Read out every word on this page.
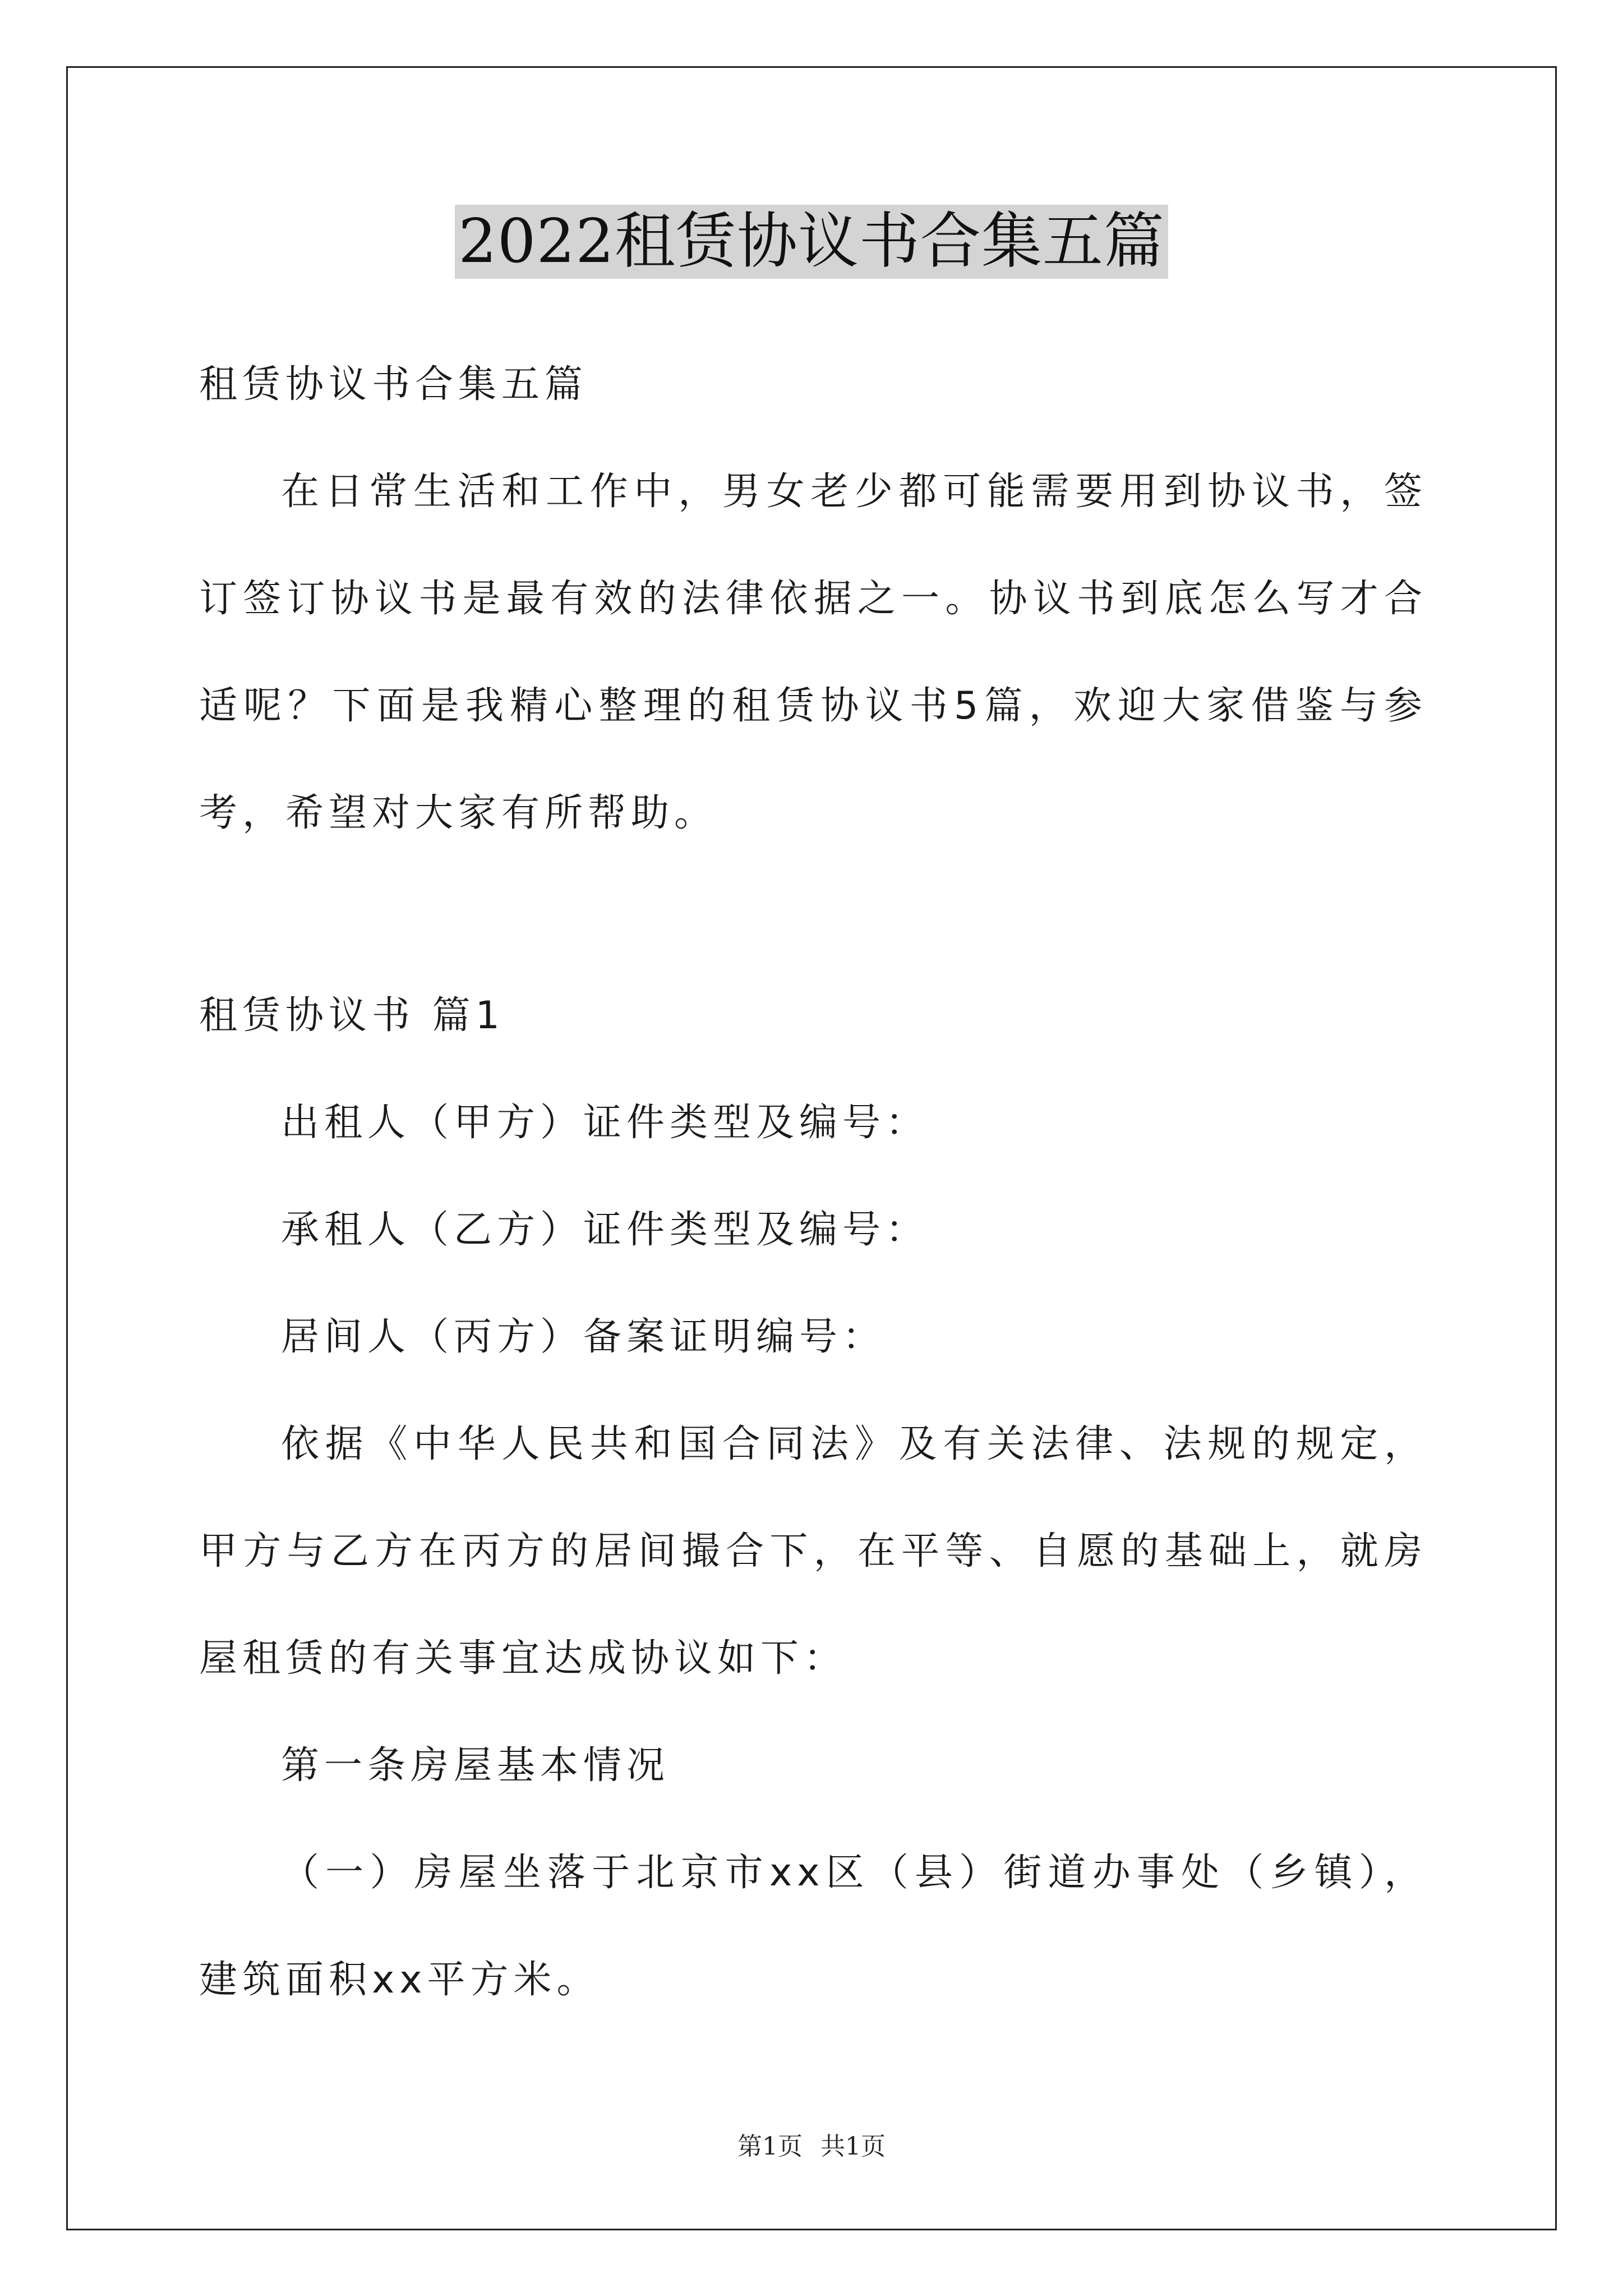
2022租赁协议书合集五篇

租赁协议书合集五篇

在日常生活和工作中，男女老少都可能需要用到协议书，签订签订协议书是最有效的法律依据之一。协议书到底怎么写才合适呢？下面是我精心整理的租赁协议书5篇，欢迎大家借鉴与参考，希望对大家有所帮助。

租赁协议书 篇1

出租人（甲方）证件类型及编号：

承租人（乙方）证件类型及编号：

居间人（丙方）备案证明编号：

依据《中华人民共和国合同法》及有关法律、法规的规定，甲方与乙方在丙方的居间撮合下，在平等、自愿的基础上，就房屋租赁的有关事宜达成协议如下：

第一条房屋基本情况

（一）房屋坐落于北京市xx区（县）街道办事处（乡镇），建筑面积xx平方米。

第1页 共1页
